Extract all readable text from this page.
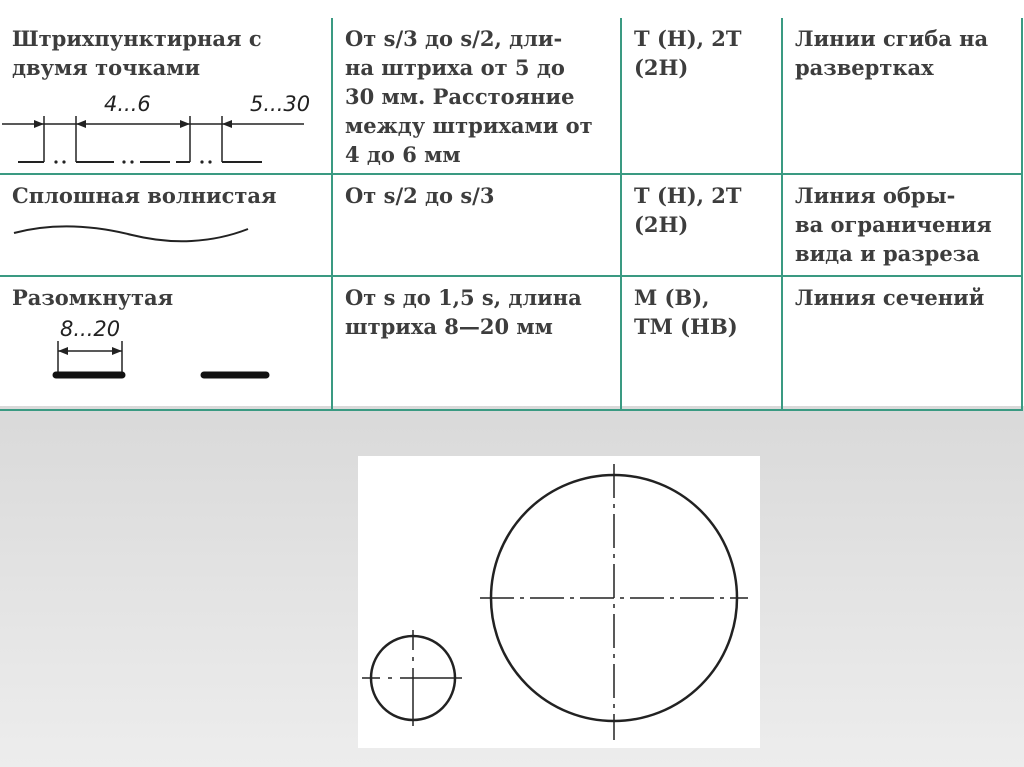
Штрихпунктирная с
двумя точками
4...6 5...30	От s/3 до s/2, дли-
на штриха от 5 до
30 мм. Расстояние
между штрихами от
4 до 6 мм	Т (Н), 2Т
(2Н)	Линии сгиба на
развертках

Сплошная волнистая	От s/2 до s/3	Т (Н), 2Т
(2Н)	Линия обры-
ва ограничения
вида и разреза

Разомкнутая
8...20	От s до 1,5 s, длина
штриха 8—20 мм	М (В),
ТМ (НВ)	Линия сечений
